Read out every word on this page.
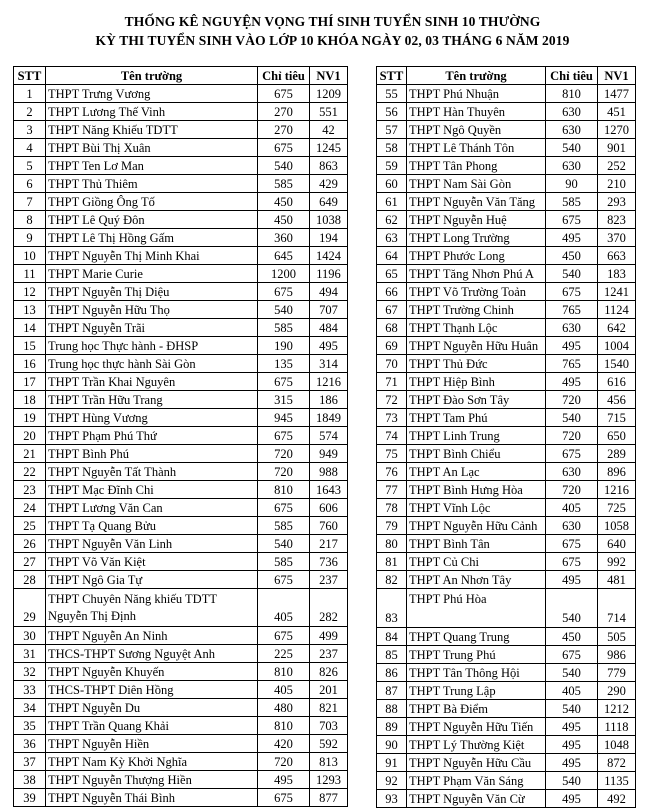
THỐNG KÊ NGUYỆN VỌNG THÍ SINH TUYỂN SINH 10 THƯỜNG
KỲ THI TUYỂN SINH VÀO LỚP 10 KHÓA NGÀY 02, 03 THÁNG 6 NĂM 2019
STT	Tên trường	Chỉ tiêu	NV1
1	THPT Trưng Vương	675	1209
2	THPT Lương Thế Vinh	270	551
3	THPT Năng Khiếu TDTT	270	42
4	THPT Bùi Thị Xuân	675	1245
5	THPT Ten Lơ Man	540	863
6	THPT Thủ Thiêm	585	429
7	THPT Giồng Ông Tố	450	649
8	THPT Lê Quý Đôn	450	1038
9	THPT Lê Thị Hồng Gấm	360	194
10	THPT Nguyễn Thị Minh Khai	645	1424
11	THPT Marie Curie	1200	1196
12	THPT Nguyễn Thị Diệu	675	494
13	THPT Nguyễn Hữu Thọ	540	707
14	THPT Nguyễn Trãi	585	484
15	Trung học Thực hành - ĐHSP	190	495
16	Trung học thực hành Sài Gòn	135	314
17	THPT Trần Khai Nguyên	675	1216
18	THPT Trần Hữu Trang	315	186
19	THPT Hùng Vương	945	1849
20	THPT Phạm Phú Thứ	675	574
21	THPT Bình Phú	720	949
22	THPT Nguyễn Tất Thành	720	988
23	THPT Mạc Đĩnh Chi	810	1643
24	THPT Lương Văn Can	675	606
25	THPT Tạ Quang Bửu	585	760
26	THPT Nguyễn Văn Linh	540	217
27	THPT Võ Văn Kiệt	585	736
28	THPT Ngô Gia Tự	675	237
29	THPT Chuyên Năng khiếu TDTT Nguyễn Thị Định	405	282
30	THPT Nguyễn An Ninh	675	499
31	THCS-THPT Sương Nguyệt Anh	225	237
32	THPT Nguyễn Khuyến	810	826
33	THCS-THPT Diên Hồng	405	201
34	THPT Nguyễn Du	480	821
35	THPT Trần Quang Khải	810	703
36	THPT Nguyễn Hiền	420	592
37	THPT Nam Kỳ Khởi Nghĩa	720	813
38	THPT Nguyễn Thượng Hiền	495	1293
39	THPT Nguyễn Thái Bình	675	877
STT	Tên trường	Chỉ tiêu	NV1
55	THPT Phú Nhuận	810	1477
56	THPT Hàn Thuyên	630	451
57	THPT Ngô Quyền	630	1270
58	THPT Lê Thánh Tôn	540	901
59	THPT Tân Phong	630	252
60	THPT Nam Sài Gòn	90	210
61	THPT Nguyễn Văn Tăng	585	293
62	THPT Nguyễn Huệ	675	823
63	THPT Long Trường	495	370
64	THPT Phước Long	450	663
65	THPT Tăng Nhơn Phú A	540	183
66	THPT Võ Trường Toản	675	1241
67	THPT Trường Chinh	765	1124
68	THPT Thạnh Lộc	630	642
69	THPT Nguyễn Hữu Huân	495	1004
70	THPT Thủ Đức	765	1540
71	THPT Hiệp Bình	495	616
72	THPT Đào Sơn Tây	720	456
73	THPT Tam Phú	540	715
74	THPT Linh Trung	720	650
75	THPT Bình Chiểu	675	289
76	THPT An Lạc	630	896
77	THPT Bình Hưng Hòa	720	1216
78	THPT Vĩnh Lộc	405	725
79	THPT Nguyễn Hữu Cảnh	630	1058
80	THPT Bình Tân	675	640
81	THPT Củ Chi	675	992
82	THPT An Nhơn Tây	495	481
83	THPT Phú Hòa	540	714
84	THPT Quang Trung	450	505
85	THPT Trung Phú	675	986
86	THPT Tân Thông Hội	540	779
87	THPT Trung Lập	405	290
88	THPT Bà Điểm	540	1212
89	THPT Nguyễn Hữu Tiến	495	1118
90	THPT Lý Thường Kiệt	495	1048
91	THPT Nguyễn Hữu Cầu	495	872
92	THPT Phạm Văn Sáng	540	1135
93	THPT Nguyễn Văn Cừ	495	492
